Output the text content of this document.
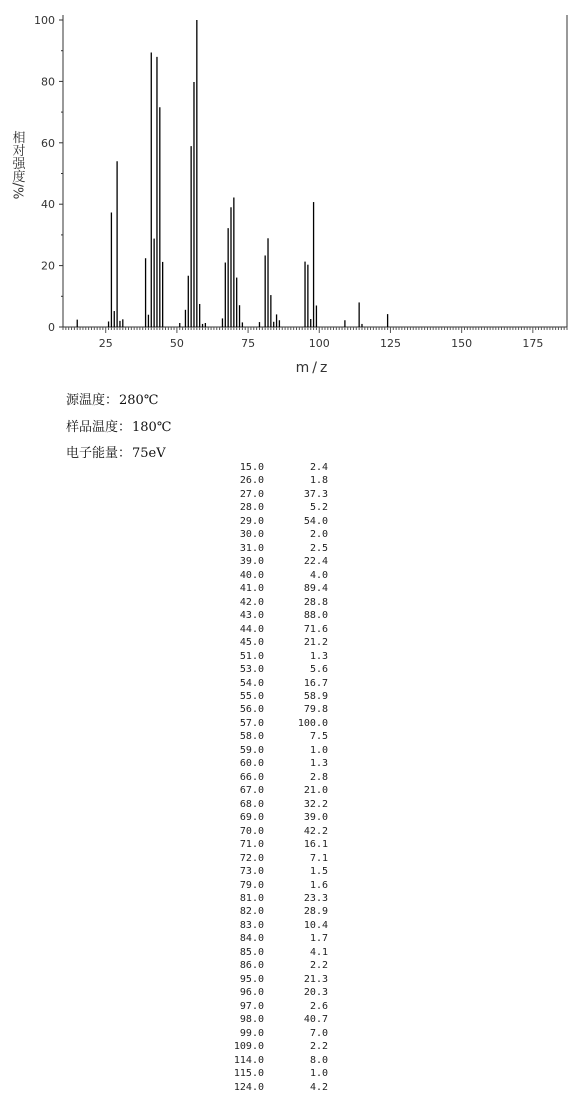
0
20
40
60
80
100
25	50	75	100	125	150	175
相对强度/%
m/z
源温度：280℃
样品温度：180℃
电子能量：75eV
15.0	2.4
26.0	1.8
27.0	37.3
28.0	5.2
29.0	54.0
30.0	2.0
31.0	2.5
39.0	22.4
40.0	4.0
41.0	89.4
42.0	28.8
43.0	88.0
44.0	71.6
45.0	21.2
51.0	1.3
53.0	5.6
54.0	16.7
55.0	58.9
56.0	79.8
57.0	100.0
58.0	7.5
59.0	1.0
60.0	1.3
66.0	2.8
67.0	21.0
68.0	32.2
69.0	39.0
70.0	42.2
71.0	16.1
72.0	7.1
73.0	1.5
79.0	1.6
81.0	23.3
82.0	28.9
83.0	10.4
84.0	1.7
85.0	4.1
86.0	2.2
95.0	21.3
96.0	20.3
97.0	2.6
98.0	40.7
99.0	7.0
109.0	2.2
114.0	8.0
115.0	1.0
124.0	4.2
